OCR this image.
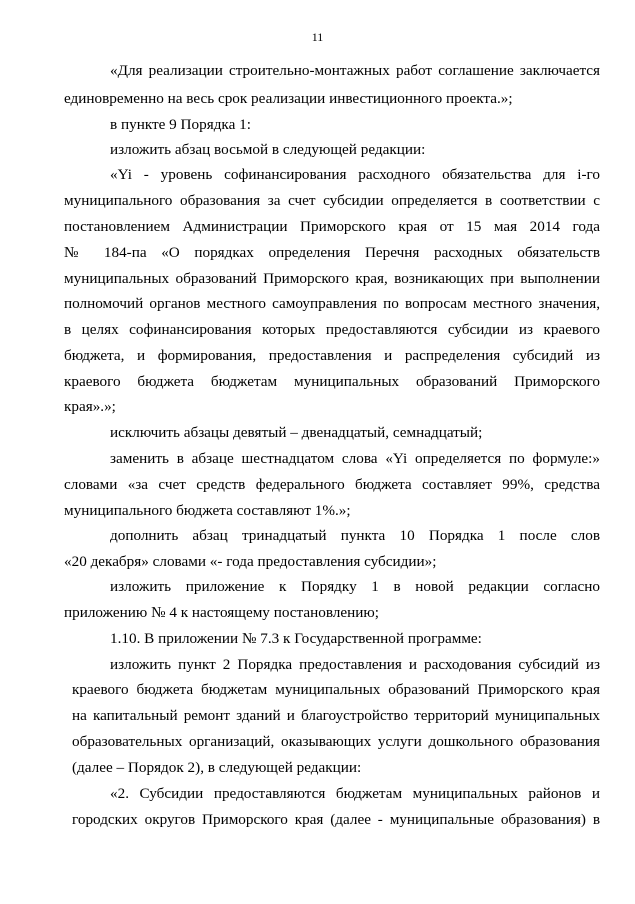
11
«Для реализации строительно-монтажных работ соглашение заключается
единовременно на весь срок реализации инвестиционного проекта.»;
в пункте 9 Порядка 1:
изложить абзац восьмой в следующей редакции:
«Yi - уровень софинансирования расходного обязательства для i-го
муниципального образования за счет субсидии определяется в соответствии с
постановлением Администрации Приморского края от 15 мая 2014 года
№ 184-па «О порядках определения Перечня расходных обязательств
муниципальных образований Приморского края, возникающих при выполнении
полномочий органов местного самоуправления по вопросам местного значения,
в целях софинансирования которых предоставляются субсидии из краевого
бюджета, и формирования, предоставления и распределения субсидий из
краевого бюджета бюджетам муниципальных образований Приморского
края».»;
исключить абзацы девятый – двенадцатый, семнадцатый;
заменить в абзаце шестнадцатом слова «Yi определяется по формуле:»
словами «за счет средств федерального бюджета составляет 99%, средства
муниципального бюджета составляют 1%.»;
дополнить абзац тринадцатый пункта 10 Порядка 1 после слов
«20 декабря» словами «- года предоставления субсидии»;
изложить приложение к Порядку 1 в новой редакции согласно
приложению № 4 к настоящему постановлению;
1.10. В приложении № 7.3 к Государственной программе:
изложить пункт 2 Порядка предоставления и расходования субсидий из
краевого бюджета бюджетам муниципальных образований Приморского края
на капитальный ремонт зданий и благоустройство территорий муниципальных
образовательных организаций, оказывающих услуги дошкольного образования
(далее – Порядок 2), в следующей редакции:
«2. Субсидии предоставляются бюджетам муниципальных районов и
городских округов Приморского края (далее - муниципальные образования) в
